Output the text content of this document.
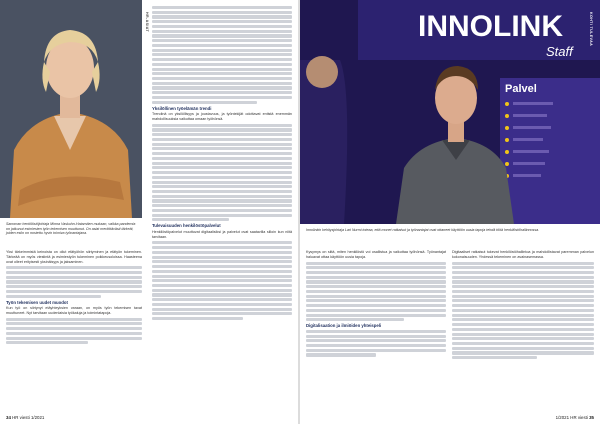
Sanoman henkilöstöjohtaja Minna Vaskuhn-Hatamäen mukaan, vaikka pandemia on jatkunut esimiesten työn tekemisen muuttunut. On asiat merkittävästi tärkeät, joiden esiin on nostettu hyvin toimiva työnantajana.

Yksi tärkeimmistä keinoista on ollut etätyöhön siirtyminen ja etätyön tukeminen. Tärkeää on myös viestintä ja esimiestyön tukeminen poikkeusoloissa. Haasteena ovat olleet erityisesti yksinäisyys ja jaksaminen.

Työn tekemisen uudet muodot

Kun työ on siirtynyt etäyhteyksien varaan, on myös työn tekemisen tavat muuttuneet. Nyt tarvitaan uudenlaisia työkaluja ja toimintatapoja.

HR-ASIAT
Yksilöllinen työelämän trendi

Trendinä on yksilöllisyys ja joustavuus, ja työntekijät odottavat entistä enemmän mahdollisuuksia vaikuttaa omaan työhönsä.

Tulevaisuuden henkilöstöpalvelut

Henkilöstöpalvelut muuttuvat digitaalisiksi ja palvelut ovat saatavilla silloin kun niitä tarvitaan.

34 HR viesti 1/2021
INNOLINK
Staff
Palvel
KOHTI TULEVAA
Innolinkin kehitysjohtaja Lari Nurmi toteaa, että monet ratkaisut ja työnantajat ovat ottaneet käyttöön uusia tapoja tehdä töitä henkilöstöhallinnossa.

Kysymys on siitä, miten henkilöstö voi osallistua ja vaikuttaa työhönsä. Työnantajat haluavat ottaa käyttöön uusia tapoja.

Digitalisaation ja ilmiöiden yhteispeli

Digitaaliset ratkaisut tukevat henkilöstöhallintoa ja mahdollistavat paremman palvelun kokonaisuuden. Yhdessä tekeminen on avainasemassa.

1/2021 HR viesti 35
